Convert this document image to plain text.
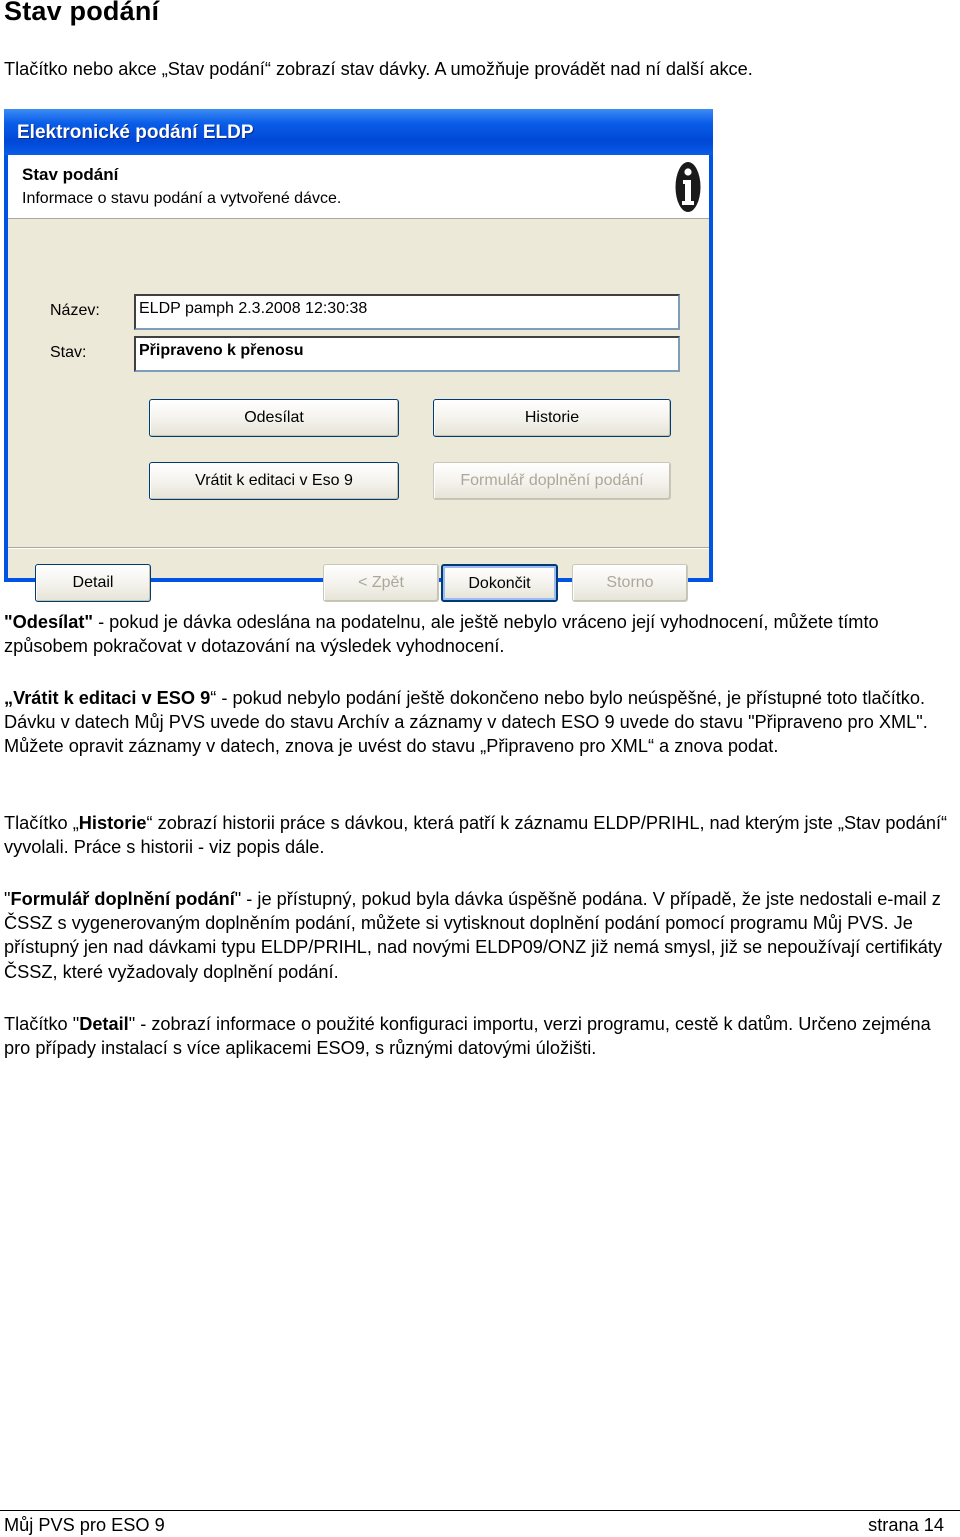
Stav podání
Tlačítko nebo akce „Stav podání“ zobrazí stav dávky. A umožňuje provádět nad ní další akce.
Elektronické podání ELDP
Stav podání
Informace o stavu podání a vytvořené dávce.
Název:	ELDP pamph 2.3.2008 12:30:38
Stav:	Připraveno k přenosu
Odesílat	Historie
Vrátit k editaci v Eso 9	Formulář doplnění podání
Detail	< Zpět	Dokončit	Storno
"Odesílat" - pokud je dávka odeslána na podatelnu, ale ještě nebylo vráceno její vyhodnocení, můžete tímto způsobem pokračovat v dotazování na výsledek vyhodnocení.
„Vrátit k editaci v ESO 9“ - pokud nebylo podání ještě dokončeno nebo bylo neúspěšné, je přístupné toto tlačítko. Dávku v datech Můj PVS uvede do stavu Archív a záznamy v datech ESO 9 uvede do stavu "Připraveno pro XML". Můžete opravit záznamy v datech, znova je uvést do stavu „Připraveno pro XML“ a znova podat.
Tlačítko „Historie“ zobrazí historii práce s dávkou, která patří k záznamu ELDP/PRIHL, nad kterým jste „Stav podání“ vyvolali. Práce s historii - viz popis dále.
"Formulář doplnění podání" - je přístupný, pokud byla dávka úspěšně podána. V případě, že jste nedostali e-mail z ČSSZ s vygenerovaným doplněním podání, můžete si vytisknout doplnění podání pomocí programu Můj PVS. Je přístupný jen nad dávkami typu ELDP/PRIHL, nad novými ELDP09/ONZ již nemá smysl, již se nepoužívají certifikáty ČSSZ, které vyžadovaly doplnění podání.
Tlačítko "Detail" - zobrazí informace o použité konfiguraci importu, verzi programu, cestě k datům. Určeno zejména pro případy instalací s více aplikacemi ESO9, s různými datovými úložišti.
Můj PVS pro ESO 9	strana 14
